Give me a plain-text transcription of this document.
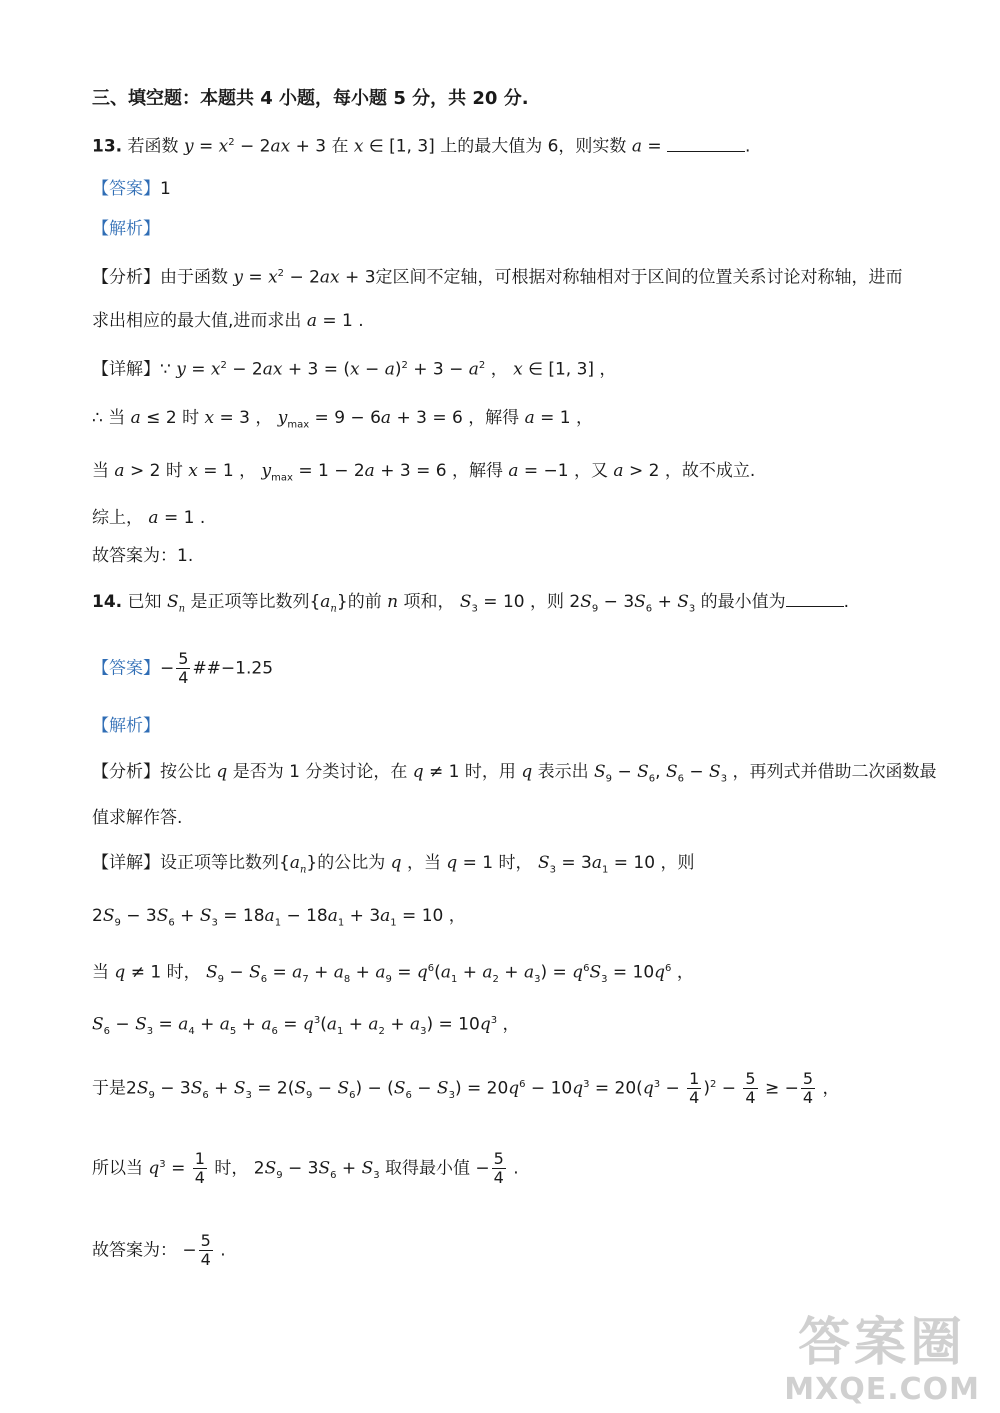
三、填空题：本题共 4 小题，每小题 5 分，共 20 分.
13. 若函数 $y = x^2 - 2ax + 3$ 在 x ∈ [1, 3] 上的最大值为 6，则实数 a =	.
【答案】1
【解析】
【分析】由于函数 $y = x^2 - 2ax + 3$定区间不定轴，可根据对称轴相对于区间的位置关系讨论对称轴，进而
求出相应的最大值,进而求出 a = 1 .
【详解】∵ $y = x^2 - 2ax + 3 = (x - a)^2 + 3 - a^2$ ， x ∈ [1, 3] ，
∴ 当 a ≤ 2 时 x = 3 ， $y_{max} = 9 - 6a + 3 = 6$ ，解得 a = 1 ，
当 a > 2 时 x = 1 ， $y_{max} = 1 - 2a + 3 = 6$ ，解得 a = −1 ，又 a > 2 ，故不成立.
综上， a = 1 .
故答案为：1.
14. 已知 $S_n$ 是正项等比数列$\{a_n\}$的前 n 项和， $S_3 = 10$ ，则 $2S_9 - 3S_6 + S_3$ 的最小值为	.
【答案】− $\frac{5}{4}$ ##−1.25
【解析】
【分析】按公比 q 是否为 1 分类讨论，在 q ≠ 1 时，用 q 表示出 $S_9 - S_6$, $S_6 - S_3$ ，再列式并借助二次函数最
值求解作答.
【详解】设正项等比数列$\{a_n\}$的公比为 q ，当 q = 1 时， $S_3 = 3a_1 = 10$ ，则
$2S_9 - 3S_6 + S_3 = 18a_1 - 18a_1 + 3a_1 = 10$ ，
当 q ≠ 1 时， $S_9 - S_6 = a_7 + a_8 + a_9 = q^6(a_1 + a_2 + a_3) = q^6S_3 = 10q^6$ ，
$S_6 - S_3 = a_4 + a_5 + a_6 = q^3(a_1 + a_2 + a_3) = 10q^3$ ，
于是$2S_9 - 3S_6 + S_3 = 2(S_9 - S_6) - (S_6 - S_3) = 20q^6 - 10q^3 = 20(q^3 - \frac{1}{4} )^2 - \frac{5}{4}$ ≥ − $\frac{5}{4}$ ，
所以当 $q^3 = \frac{1}{4}$ 时， $2S_9 - 3S_6 + S_3$ 取得最小值 − $\frac{5}{4}$ .
故答案为： − $\frac{5}{4}$ .
答案圈
MXQE.COM
